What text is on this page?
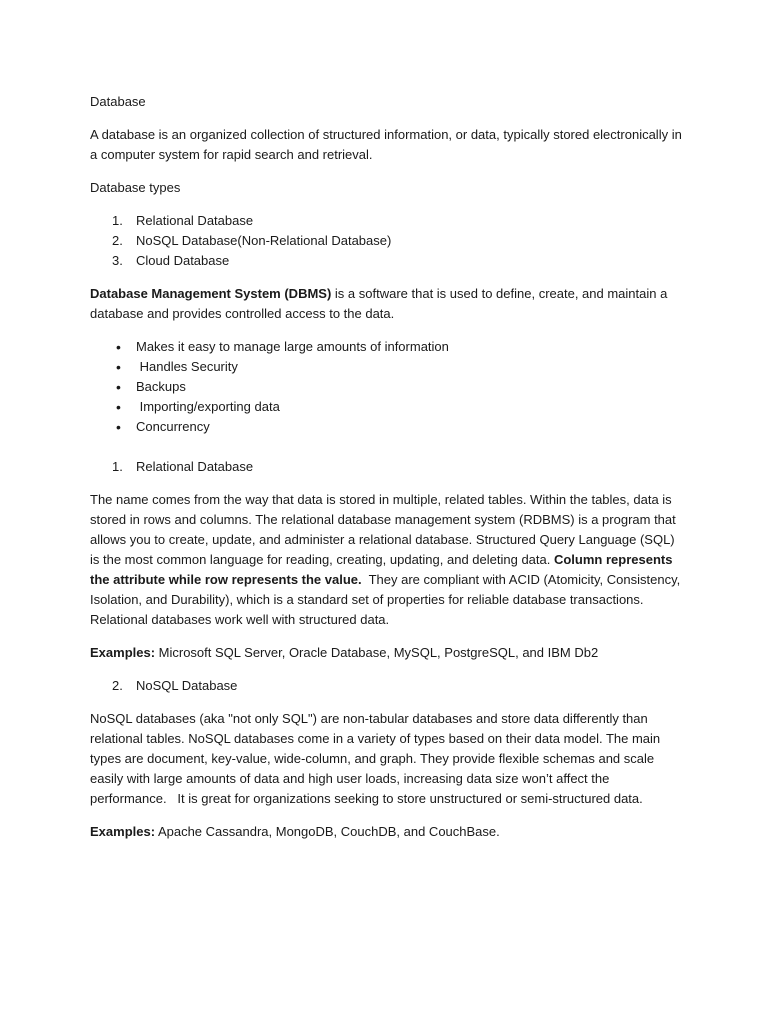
Database

A database is an organized collection of structured information, or data, typically stored electronically in a computer system for rapid search and retrieval.

Database types

1. Relational Database
2. NoSQL Database(Non-Relational Database)
3. Cloud Database

Database Management System (DBMS) is a software that is used to define, create, and maintain a database and provides controlled access to the data.

• Makes it easy to manage large amounts of information
• Handles Security
• Backups
• Importing/exporting data
• Concurrency
1. Relational Database

The name comes from the way that data is stored in multiple, related tables. Within the tables, data is stored in rows and columns. The relational database management system (RDBMS) is a program that allows you to create, update, and administer a relational database. Structured Query Language (SQL) is the most common language for reading, creating, updating, and deleting data. Column represents the attribute while row represents the value.  They are compliant with ACID (Atomicity, Consistency, Isolation, and Durability), which is a standard set of properties for reliable database transactions. Relational databases work well with structured data.

Examples: Microsoft SQL Server, Oracle Database, MySQL, PostgreSQL, and IBM Db2

2. NoSQL Database

NoSQL databases (aka "not only SQL") are non-tabular databases and store data differently than relational tables. NoSQL databases come in a variety of types based on their data model. The main types are document, key-value, wide-column, and graph. They provide flexible schemas and scale easily with large amounts of data and high user loads, increasing data size won’t affect the performance.   It is great for organizations seeking to store unstructured or semi-structured data.

Examples: Apache Cassandra, MongoDB, CouchDB, and CouchBase.
